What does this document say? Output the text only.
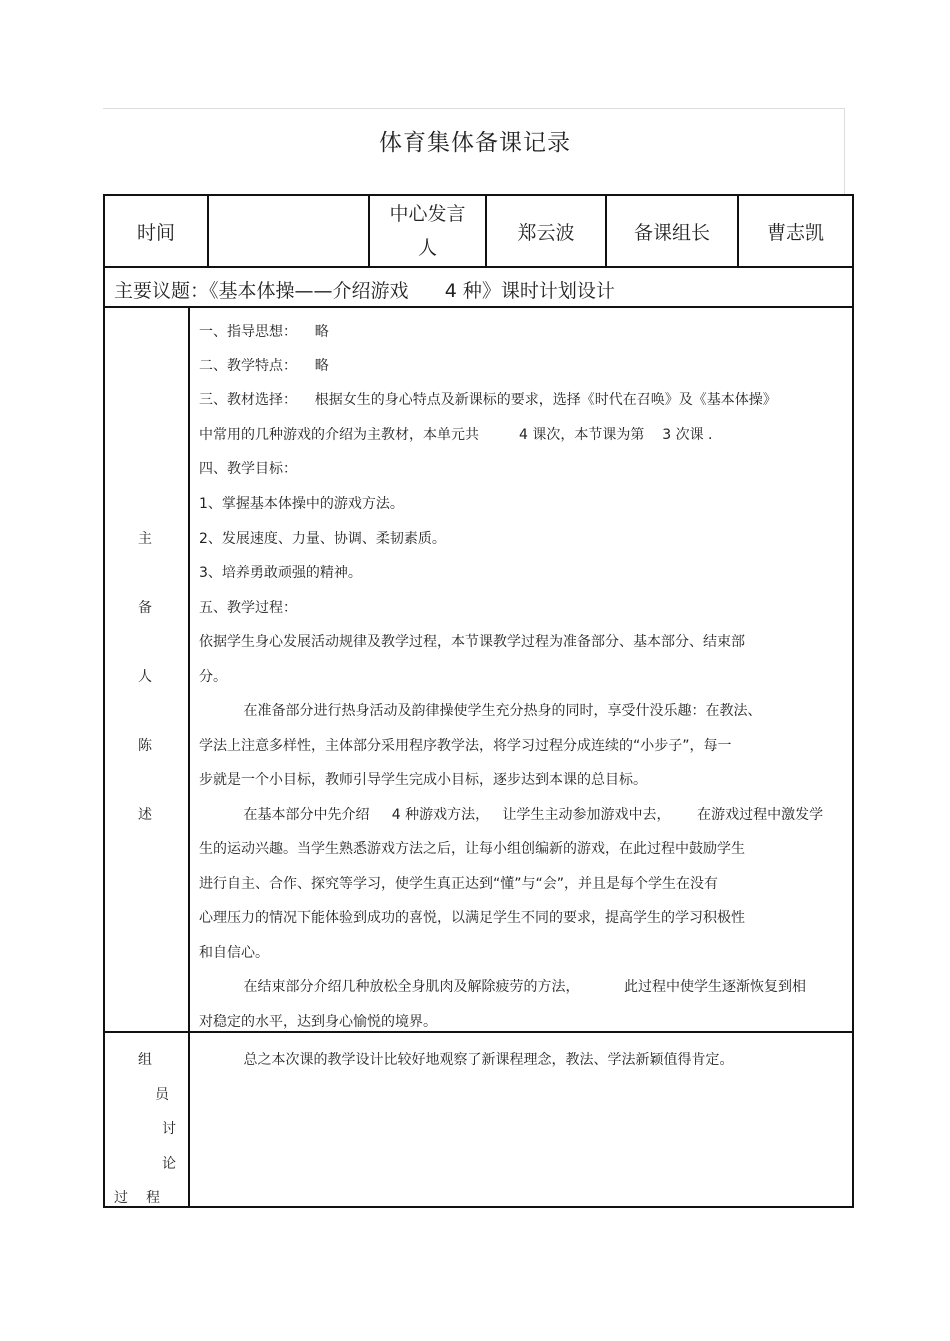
体育集体备课记录
时间
中心发言
人
郑云波	备课组长	曹志凯
主要议题：《基本体操——介绍游戏      4 种》课时计划设计
主
备
人
陈
述
一、指导思想：    略
二、教学特点：    略
三、教材选择：    根据女生的身心特点及新课标的要求，选择《时代在召唤》及《基本体操》
中常用的几种游戏的介绍为主教材，本单元共         4 课次，本节课为第    3 次课 .
四、教学目标：
1、掌握基本体操中的游戏方法。
2、发展速度、力量、协调、柔韧素质。
3、培养勇敢顽强的精神。
五、教学过程：
依据学生身心发展活动规律及教学过程，本节课教学过程为准备部分、基本部分、结束部
分。
在准备部分进行热身活动及韵律操使学生充分热身的同时，享受什没乐趣：在教法、
学法上注意多样性，主体部分采用程序教学法，将学习过程分成连续的“小步子”，每一
步就是一个小目标，教师引导学生完成小目标，逐步达到本课的总目标。
在基本部分中先介绍     4 种游戏方法，   让学生主动参加游戏中去，      在游戏过程中激发学
生的运动兴趣。当学生熟悉游戏方法之后，让每小组创编新的游戏，在此过程中鼓励学生
进行自主、合作、探究等学习，使学生真正达到“懂”与“会”，并且是每个学生在没有
心理压力的情况下能体验到成功的喜悦，以满足学生不同的要求，提高学生的学习积极性
和自信心。
在结束部分介绍几种放松全身肌肉及解除疲劳的方法，          此过程中使学生逐渐恢复到相
对稳定的水平，达到身心愉悦的境界。
组
员
讨
论
过 程
总之本次课的教学设计比较好地观察了新课程理念，教法、学法新颖值得肯定。
